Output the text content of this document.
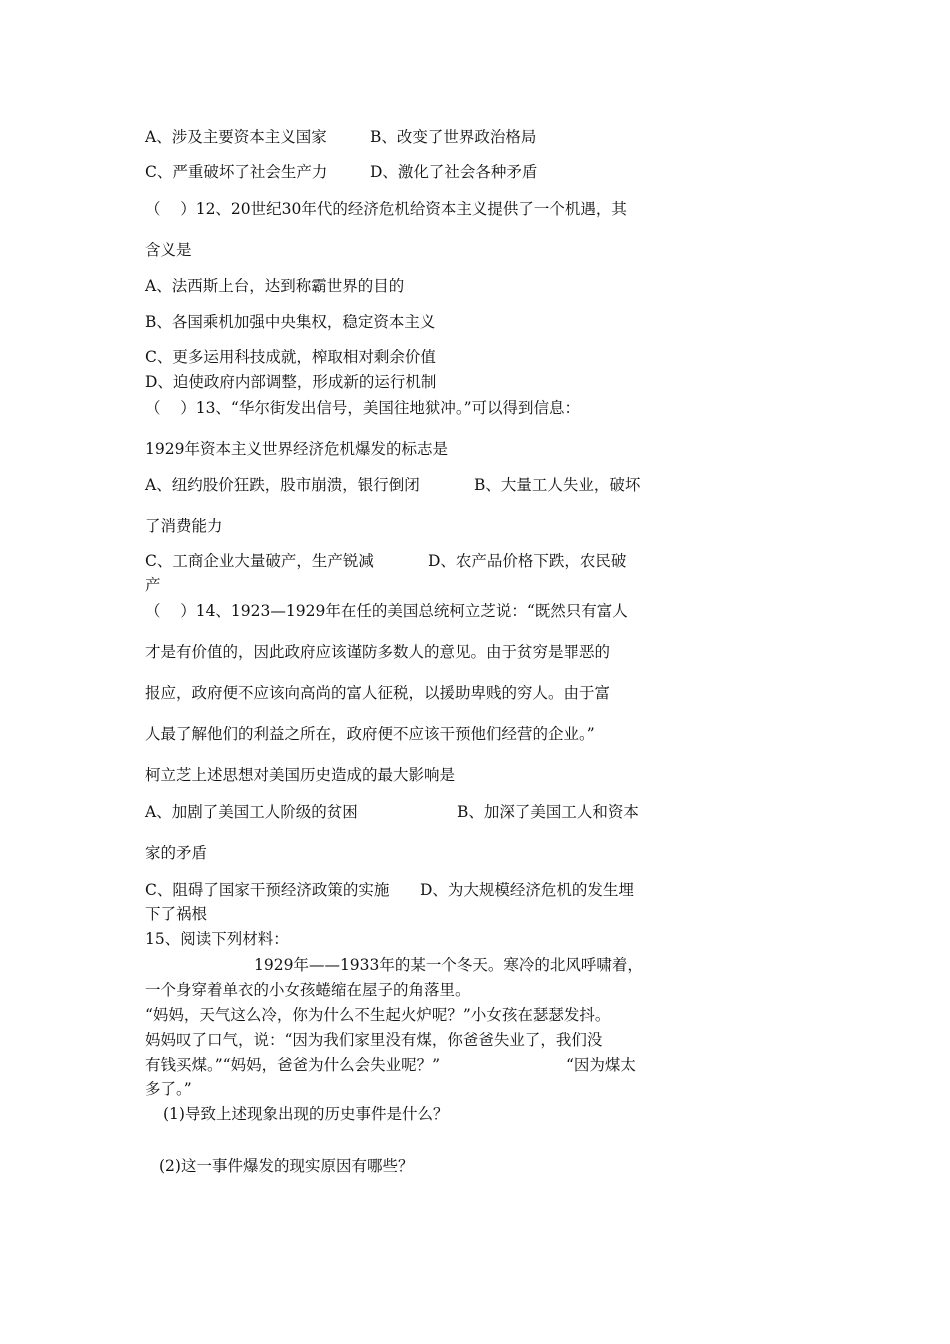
A、涉及主要资本主义国家	B、改变了世界政治格局
C、严重破坏了社会生产力	D、激化了社会各种矛盾
（    ）12、20世纪30年代的经济危机给资本主义提供了一个机遇，其
含义是
A、法西斯上台，达到称霸世界的目的
B、各国乘机加强中央集权，稳定资本主义
C、更多运用科技成就，榨取相对剩余价值
D、迫使政府内部调整，形成新的运行机制
（    ）13、“华尔街发出信号，美国往地狱冲。”可以得到信息：
1929年资本主义世界经济危机爆发的标志是
A、纽约股价狂跌，股市崩溃，银行倒闭	B、大量工人失业，破坏
了消费能力
C、工商企业大量破产，生产锐减	D、农产品价格下跌，农民破
产
（    ）14、1923—1929年在任的美国总统柯立芝说：“既然只有富人
才是有价值的，因此政府应该谨防多数人的意见。由于贫穷是罪恶的
报应，政府便不应该向高尚的富人征税，以援助卑贱的穷人。由于富
人最了解他们的利益之所在，政府便不应该干预他们经营的企业。”
柯立芝上述思想对美国历史造成的最大影响是
A、加剧了美国工人阶级的贫困	B、加深了美国工人和资本
家的矛盾
C、阻碍了国家干预经济政策的实施 D、为大规模经济危机的发生埋
下了祸根
15、阅读下列材料：
1929年——1933年的某一个冬天。寒冷的北风呼啸着，
一个身穿着单衣的小女孩蜷缩在屋子的角落里。
“妈妈，天气这么冷，你为什么不生起火炉呢？”小女孩在瑟瑟发抖。
妈妈叹了口气，说：“因为我们家里没有煤，你爸爸失业了，我们没
有钱买煤。”“妈妈，爸爸为什么会失业呢？”	“因为煤太
多了。”
(1)导致上述现象出现的历史事件是什么？
(2)这一事件爆发的现实原因有哪些？
